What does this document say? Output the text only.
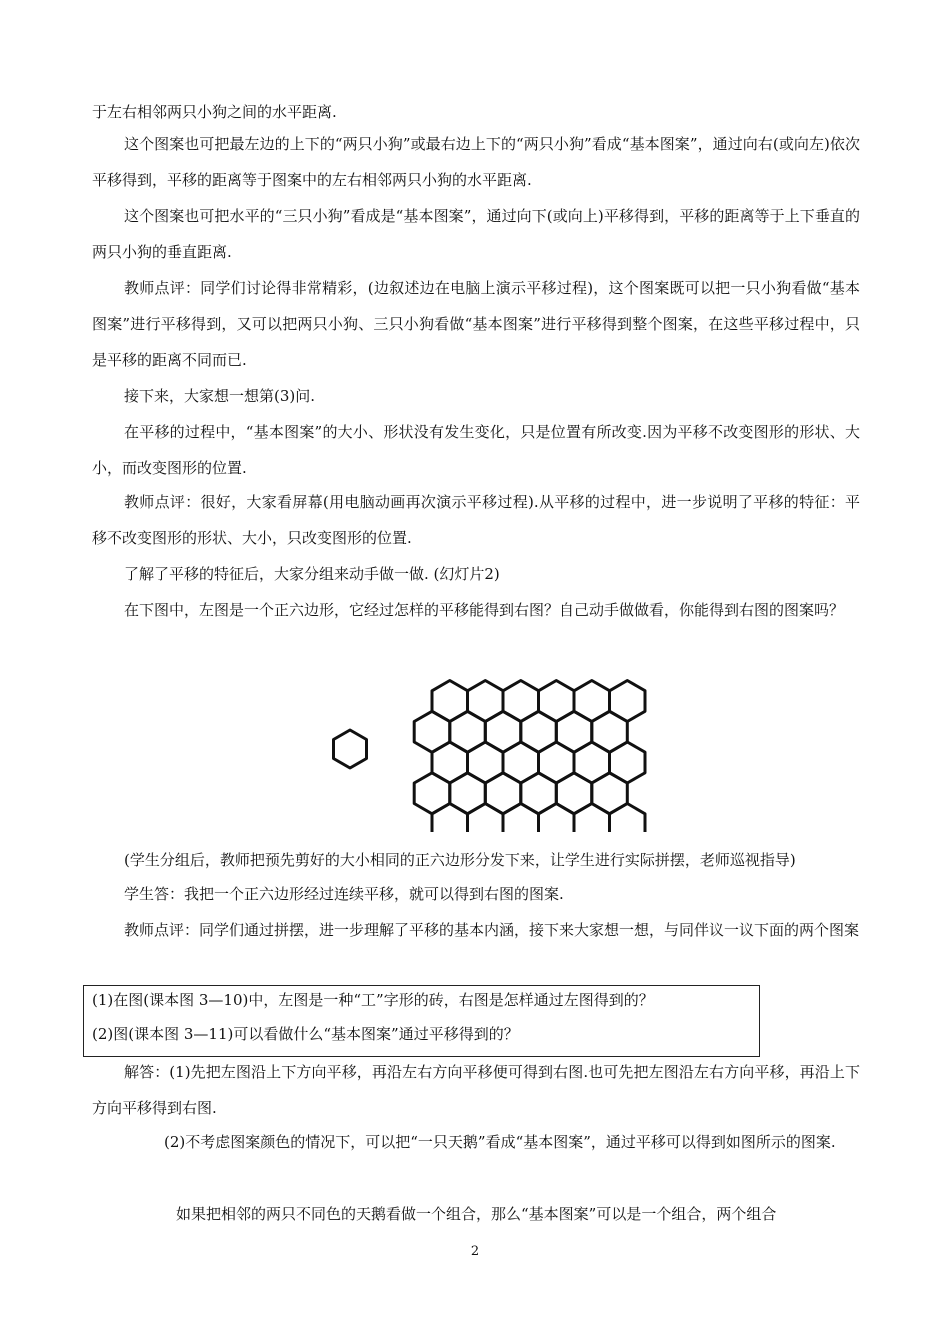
于左右相邻两只小狗之间的水平距离.
这个图案也可把最左边的上下的“两只小狗”或最右边上下的“两只小狗”看成“基本图案”，通过向右(或向左)依次平移得到，平移的距离等于图案中的左右相邻两只小狗的水平距离.
这个图案也可把水平的“三只小狗”看成是“基本图案”，通过向下(或向上)平移得到，平移的距离等于上下垂直的两只小狗的垂直距离.
教师点评：同学们讨论得非常精彩，(边叙述边在电脑上演示平移过程)，这个图案既可以把一只小狗看做“基本图案”进行平移得到，又可以把两只小狗、三只小狗看做“基本图案”进行平移得到整个图案，在这些平移过程中，只是平移的距离不同而已.
接下来，大家想一想第(3)问.
在平移的过程中，“基本图案”的大小、形状没有发生变化，只是位置有所改变.因为平移不改变图形的形状、大小，而改变图形的位置.
教师点评：很好，大家看屏幕(用电脑动画再次演示平移过程).从平移的过程中，进一步说明了平移的特征：平移不改变图形的形状、大小，只改变图形的位置.
了解了平移的特征后，大家分组来动手做一做. (幻灯片2)
在下图中，左图是一个正六边形，它经过怎样的平移能得到右图？自己动手做做看，你能得到右图的图案吗？
(学生分组后，教师把预先剪好的大小相同的正六边形分发下来，让学生进行实际拼摆，老师巡视指导)
学生答：我把一个正六边形经过连续平移，就可以得到右图的图案.
教师点评：同学们通过拼摆，进一步理解了平移的基本内涵，接下来大家想一想，与同伴议一议下面的两个图案
(1)在图(课本图 3—10)中，左图是一种“工”字形的砖，右图是怎样通过左图得到的？
(2)图(课本图 3—11)可以看做什么“基本图案”通过平移得到的？
解答：(1)先把左图沿上下方向平移，再沿左右方向平移便可得到右图.也可先把左图沿左右方向平移，再沿上下方向平移得到右图.
(2)不考虑图案颜色的情况下，可以把“一只天鹅”看成“基本图案”，通过平移可以得到如图所示的图案.
如果把相邻的两只不同色的天鹅看做一个组合，那么“基本图案”可以是一个组合，两个组合
2
